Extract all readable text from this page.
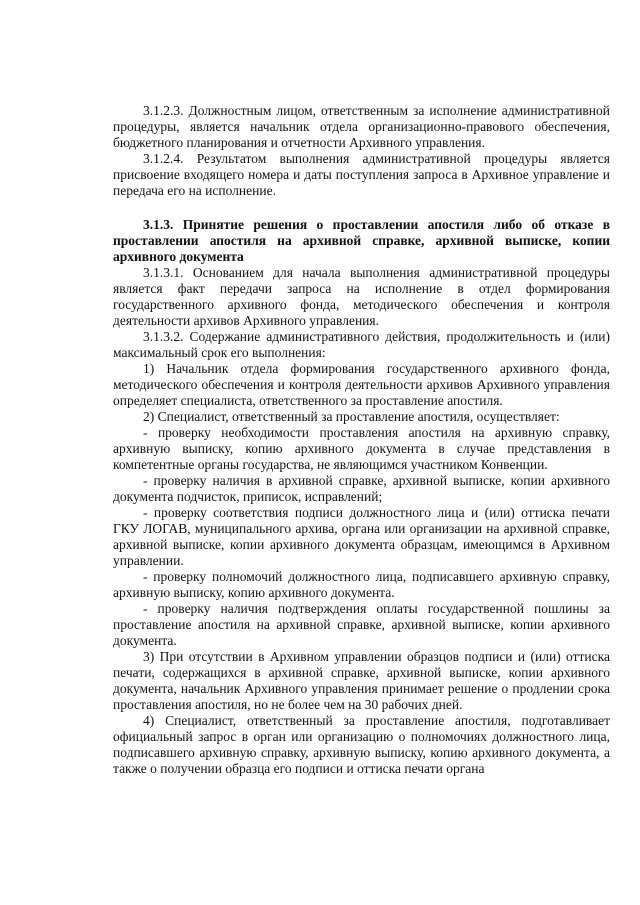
3.1.2.3. Должностным лицом, ответственным за исполнение административной процедуры, является начальник отдела организационно-правового обеспечения, бюджетного планирования и отчетности Архивного управления.

3.1.2.4. Результатом выполнения административной процедуры является присвоение входящего номера и даты поступления запроса в Архивное управление и передача его на исполнение.

3.1.3. Принятие решения о проставлении апостиля либо об отказе в проставлении апостиля на архивной справке, архивной выписке, копии архивного документа

3.1.3.1. Основанием для начала выполнения административной процедуры является факт передачи запроса на исполнение в отдел формирования государственного архивного фонда, методического обеспечения и контроля деятельности архивов Архивного управления.

3.1.3.2. Содержание административного действия, продолжительность и (или) максимальный срок его выполнения:

1) Начальник отдела формирования государственного архивного фонда, методического обеспечения и контроля деятельности архивов Архивного управления определяет специалиста, ответственного за проставление апостиля.

2) Специалист, ответственный за проставление апостиля, осуществляет:

- проверку необходимости проставления апостиля на архивную справку, архивную выписку, копию архивного документа в случае представления в компетентные органы государства, не являющимся участником Конвенции.

- проверку наличия в архивной справке, архивной выписке, копии архивного документа подчисток, приписок, исправлений;

- проверку соответствия подписи должностного лица и (или) оттиска печати ГКУ ЛОГАВ, муниципального архива, органа или организации на архивной справке, архивной выписке, копии архивного документа образцам, имеющимся в Архивном управлении.

- проверку полномочий должностного лица, подписавшего архивную справку, архивную выписку, копию архивного документа.

- проверку наличия подтверждения оплаты государственной пошлины за проставление апостиля на архивной справке, архивной выписке, копии архивного документа.

3) При отсутствии в Архивном управлении образцов подписи и (или) оттиска печати, содержащихся в архивной справке, архивной выписке, копии архивного документа, начальник Архивного управления принимает решение о продлении срока проставления апостиля, но не более чем на 30 рабочих дней.

4) Специалист, ответственный за проставление апостиля, подготавливает официальный запрос в орган или организацию о полномочиях должностного лица, подписавшего архивную справку, архивную выписку, копию архивного документа, а также о получении образца его подписи и оттиска печати органа
